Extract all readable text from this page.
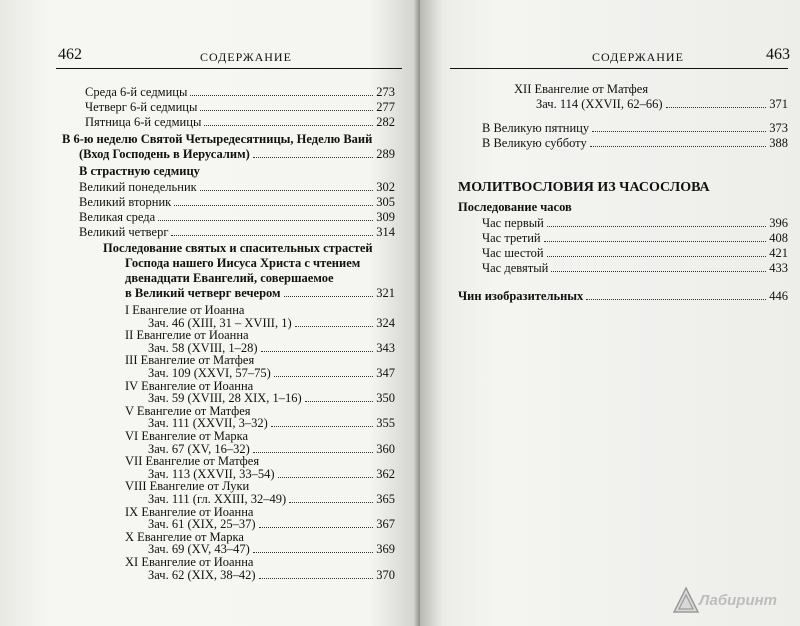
462	СОДЕРЖАНИЕ
Среда 6-й седмицы	273
Четверг 6-й седмицы	277
Пятница 6-й седмицы	282
В 6-ю неделю Святой Четыредесятницы, Неделю Ваий
(Вход Господень в Иерусалим)	289
В страстную седмицу
Великий понедельник	302
Великий вторник	305
Великая среда	309
Великий четверг	314
Последование святых и спасительных страстей
Господа нашего Иисуса Христа с чтением
двенадцати Евангелий, совершаемое
в Великий четверг вечером	321
I Евангелие от Иоанна
Зач. 46 (XIII, 31 – XVIII, 1)	324
II Евангелие от Иоанна
Зач. 58 (XVIII, 1–28)	343
III Евангелие от Матфея
Зач. 109 (XXVI, 57–75)	347
IV Евангелие от Иоанна
Зач. 59 (XVIII, 28 XIX, 1–16)	350
V Евангелие от Матфея
Зач. 111 (XXVII, 3–32)	355
VI Евангелие от Марка
Зач. 67 (XV, 16–32)	360
VII Евангелие от Матфея
Зач. 113 (XXVII, 33–54)	362
VIII Евангелие от Луки
Зач. 111 (гл. XXIII, 32–49)	365
IX Евангелие от Иоанна
Зач. 61 (XIX, 25–37)	367
X Евангелие от Марка
Зач. 69 (XV, 43–47)	369
XI Евангелие от Иоанна
Зач. 62 (XIX, 38–42)	370
463
СОДЕРЖАНИЕ
XII Евангелие от Матфея
Зач. 114 (XXVII, 62–66)	371
В Великую пятницу	373
В Великую субботу	388
МОЛИТВОСЛОВИЯ ИЗ ЧАСОСЛОВА
Последование часов
Час первый	396
Час третий	408
Час шестой	421
Час девятый	433
Чин изобразительных	446
Лабиринт
